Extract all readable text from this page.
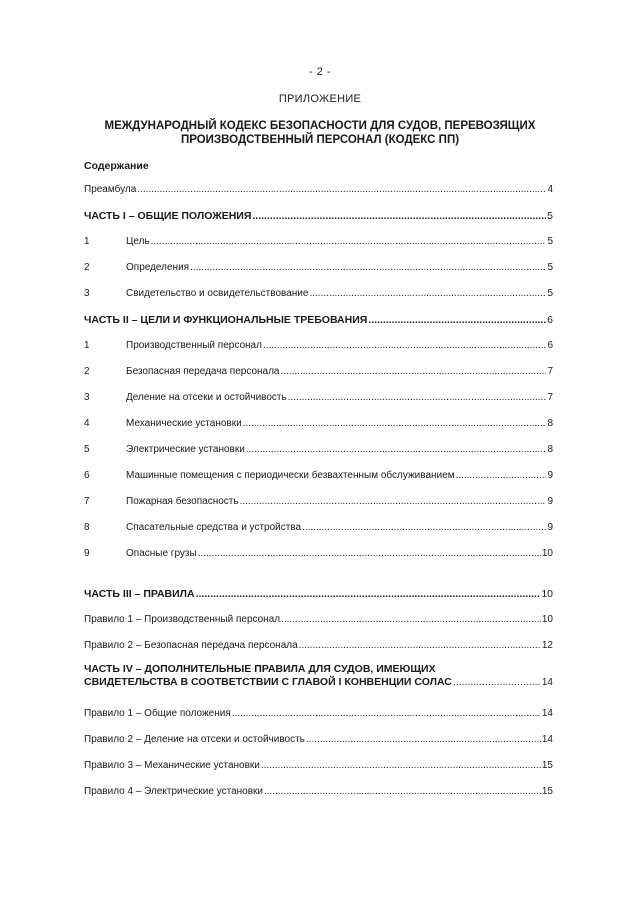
- 2 -
ПРИЛОЖЕНИЕ
МЕЖДУНАРОДНЫЙ КОДЕКС БЕЗОПАСНОСТИ ДЛЯ СУДОВ, ПЕРЕВОЗЯЩИХ
ПРОИЗВОДСТВЕННЫЙ ПЕРСОНАЛ (КОДЕКС ПП)
Содержание
Преамбула .....	4
ЧАСТЬ I – ОБЩИЕ ПОЛОЖЕНИЯ .....	5
1	Цель .....	5
2	Определения .....	5
3	Свидетельство и освидетельствование .....	5
ЧАСТЬ II – ЦЕЛИ И ФУНКЦИОНАЛЬНЫЕ ТРЕБОВАНИЯ .....	6
1	Производственный персонал .....	6
2	Безопасная передача персонала .....	7
3	Деление на отсеки и остойчивость .....	7
4	Механические установки .....	8
5	Электрические установки .....	8
6	Машинные помещения с периодически безвахтенным обслуживанием .....	9
7	Пожарная безопасность .....	9
8	Спасательные средства и устройства .....	9
9	Опасные грузы .....	10
ЧАСТЬ III – ПРАВИЛА .....	10
Правило 1 – Производственный персонал .....	10
Правило 2 – Безопасная передача персонала .....	12
ЧАСТЬ IV – ДОПОЛНИТЕЛЬНЫЕ ПРАВИЛА ДЛЯ СУДОВ, ИМЕЮЩИХ
СВИДЕТЕЛЬСТВА В СООТВЕТСТВИИ С ГЛАВОЙ I КОНВЕНЦИИ СОЛАС .....	14
Правило 1 – Общие положения .....	14
Правило 2 – Деление на отсеки и остойчивость .....	14
Правило 3 – Механические установки .....	15
Правило 4 – Электрические установки .....	15
